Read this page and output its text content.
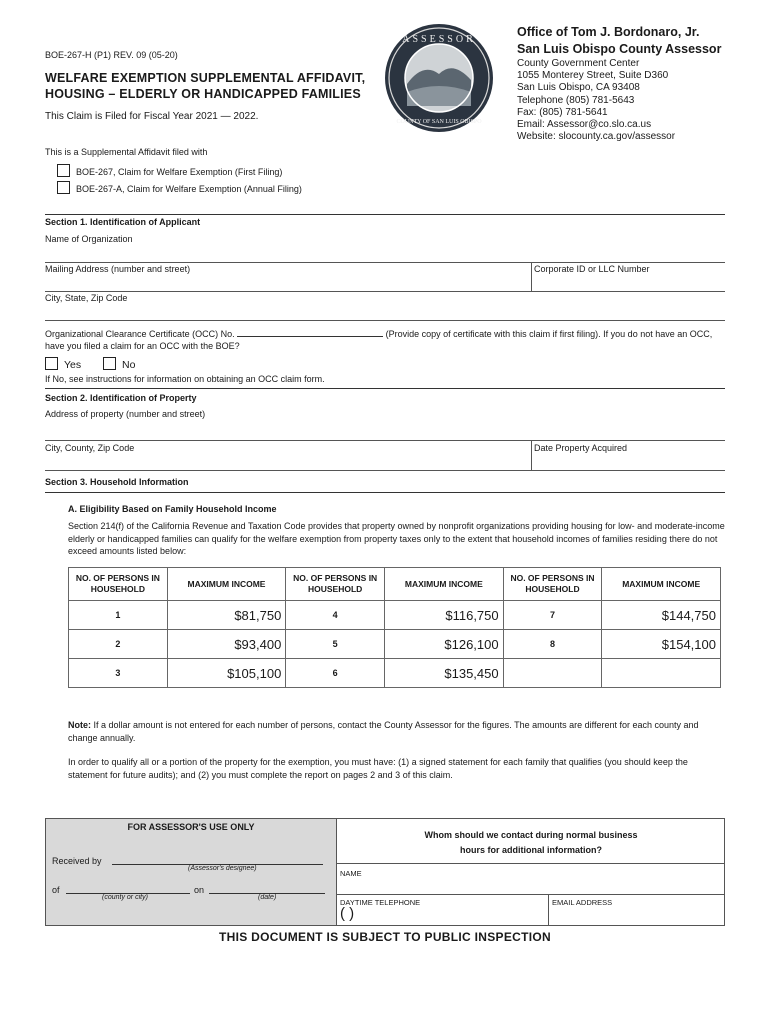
BOE-267-H (P1) REV. 09 (05-20)
WELFARE EXEMPTION SUPPLEMENTAL AFFIDAVIT,
HOUSING – ELDERLY OR HANDICAPPED FAMILIES
This Claim is Filed for Fiscal Year 2021 — 2022.
ASSESSOR
COUNTY OF SAN LUIS OBISPO
Office of Tom J. Bordonaro, Jr.
San Luis Obispo County Assessor
County Government Center
1055 Monterey Street, Suite D360
San Luis Obispo, CA 93408
Telephone (805) 781-5643
Fax: (805) 781-5641
Email: Assessor@co.slo.ca.us
Website: slocounty.ca.gov/assessor
This is a Supplemental Affidavit filed with
BOE-267, Claim for Welfare Exemption (First Filing)
BOE-267-A, Claim for Welfare Exemption (Annual Filing)
Section 1. Identification of Applicant
Name of Organization
Mailing Address (number and street)	Corporate ID or LLC Number
City, State, Zip Code
Organizational Clearance Certificate (OCC) No.	(Provide copy of certificate with this claim if first filing). If you do not have an OCC, have you filed a claim for an OCC with the BOE?
Yes	No
If No, see instructions for information on obtaining an OCC claim form.
Section 2. Identification of Property
Address of property (number and street)
City, County, Zip Code	Date Property Acquired
Section 3. Household Information
A. Eligibility Based on Family Household Income
Section 214(f) of the California Revenue and Taxation Code provides that property owned by nonprofit organizations providing housing for low- and moderate-income elderly or handicapped families can qualify for the welfare exemption from property taxes only to the extent that household incomes of families residing there do not exceed amounts listed below:
NO. OF PERSONS IN HOUSEHOLD	MAXIMUM INCOME	NO. OF PERSONS IN HOUSEHOLD	MAXIMUM INCOME	NO. OF PERSONS IN HOUSEHOLD	MAXIMUM INCOME
1	$81,750	4	$116,750	7	$144,750
2	$93,400	5	$126,100	8	$154,100
3	$105,100	6	$135,450		
Note: If a dollar amount is not entered for each number of persons, contact the County Assessor for the figures. The amounts are different for each county and change annually.
In order to qualify all or a portion of the property for the exemption, you must have: (1) a signed statement for each family that qualifies (you should keep the statement for future audits); and (2) you must complete the report on pages 2 and 3 of this claim.
FOR ASSESSOR'S USE ONLY
Received by
(Assessor's designee)
of	on
(county or city)	(date)
Whom should we contact during normal business
hours for additional information?
NAME
DAYTIME TELEPHONE
( )
EMAIL ADDRESS
THIS DOCUMENT IS SUBJECT TO PUBLIC INSPECTION
